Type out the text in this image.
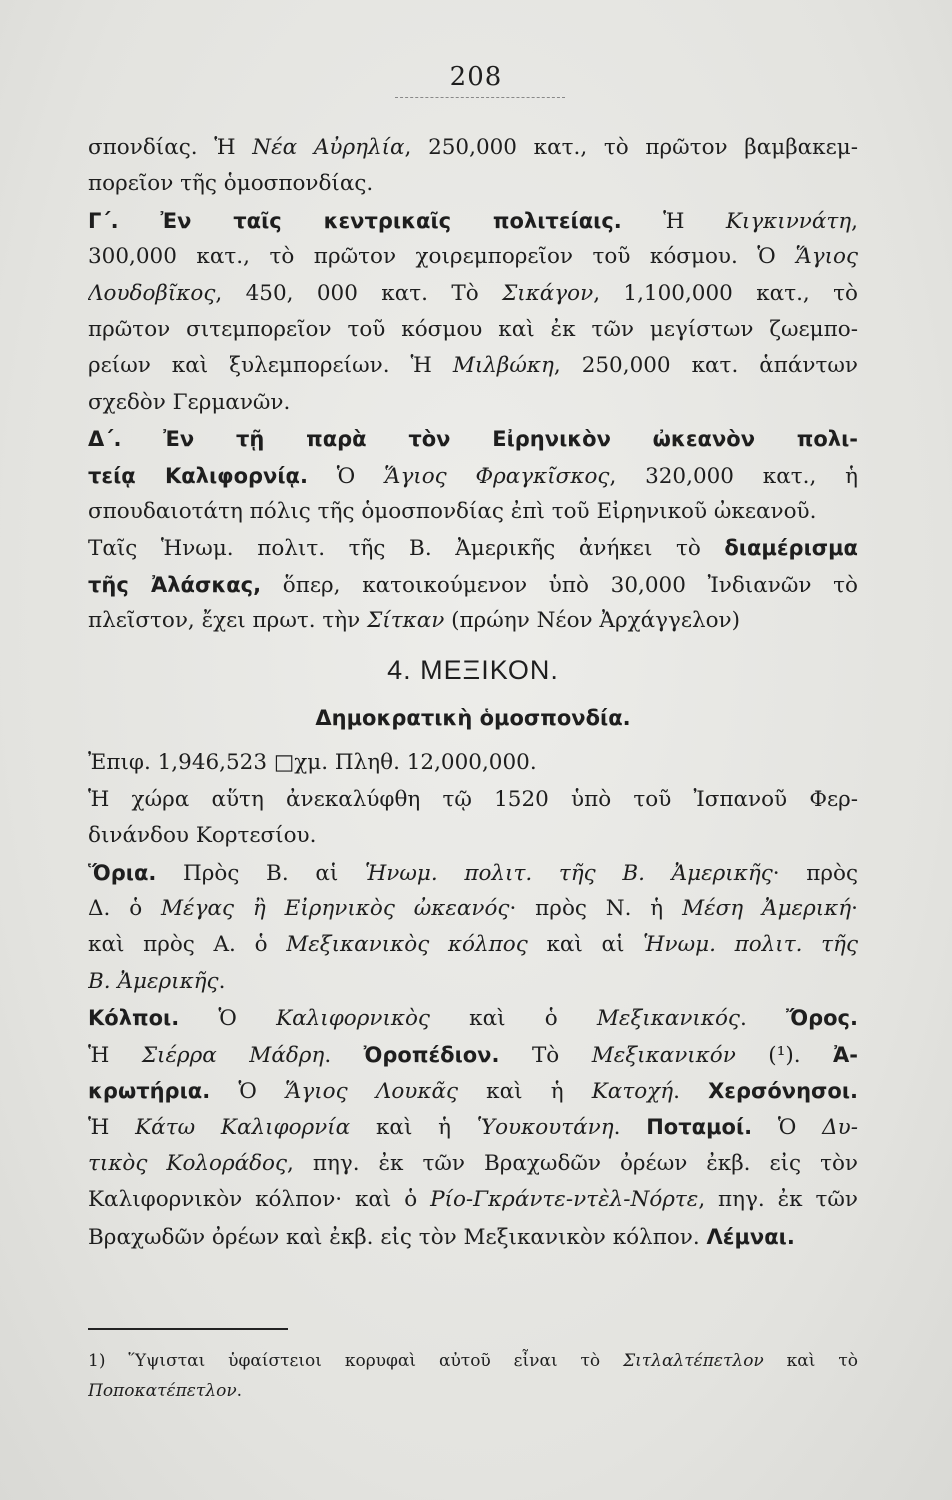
208
σπονδίας. Ἡ Νέα Αὐρηλία, 250,000 κατ., τὸ πρῶτον βαμβακεμ-
πορεῖον τῆς ὁμοσπονδίας.
Γ΄. Ἐν ταῖς κεντρικαῖς πολιτείαις. Ἡ Κιγκιννάτη,
300,000 κατ., τὸ πρῶτον χοιρεμπορεῖον τοῦ κόσμου. Ὁ Ἅγιος
Λουδοβῖκος, 450, 000 κατ. Τὸ Σικάγον, 1,100,000 κατ., τὸ
πρῶτον σιτεμπορεῖον τοῦ κόσμου καὶ ἐκ τῶν μεγίστων ζωεμπο-
ρείων καὶ ξυλεμπορείων. Ἡ Μιλβώκη, 250,000 κατ. ἁπάντων
σχεδὸν Γερμανῶν.
Δ΄. Ἐν τῇ παρὰ τὸν Εἰρηνικὸν ὠκεανὸν πολι-
τείᾳ Καλιφορνίᾳ. Ὁ Ἅγιος Φραγκῖσκος, 320,000 κατ., ἡ
σπουδαιοτάτη πόλις τῆς ὁμοσπονδίας ἐπὶ τοῦ Εἰρηνικοῦ ὠκεανοῦ.
Ταῖς Ἡνωμ. πολιτ. τῆς Β. Ἀμερικῆς ἀνήκει τὸ διαμέρισμα
τῆς Ἀλάσκας, ὅπερ, κατοικούμενον ὑπὸ 30,000 Ἰνδιανῶν τὸ
πλεῖστον, ἔχει πρωτ. τὴν Σίτκαν (πρώην Νέον Ἀρχάγγελον)
4. ΜΕΞΙΚΟΝ.
Δημοκρατικὴ ὁμοσπονδία.
Ἐπιφ. 1,946,523 □χμ. Πληθ. 12,000,000.
Ἡ χώρα αὕτη ἀνεκαλύφθη τῷ 1520 ὑπὸ τοῦ Ἰσπανοῦ Φερ-
δινάνδου Κορτεσίου.
Ὅρια. Πρὸς Β. αἱ Ἡνωμ. πολιτ. τῆς Β. Ἀμερικῆς· πρὸς
Δ. ὁ Μέγας ἢ Εἰρηνικὸς ὠκεανός· πρὸς Ν. ἡ Μέση Ἀμερική·
καὶ πρὸς Α. ὁ Μεξικανικὸς κόλπος καὶ αἱ Ἡνωμ. πολιτ. τῆς
Β. Ἀμερικῆς.
Κόλποι. Ὁ Καλιφορνικὸς καὶ ὁ Μεξικανικός. Ὄρος.
Ἡ Σιέρρα Μάδρη. Ὀροπέδιον. Τὸ Μεξικανικόν (¹). Ἀ-
κρωτήρια. Ὁ Ἅγιος Λουκᾶς καὶ ἡ Κατοχή. Χερσόνησοι.
Ἡ Κάτω Καλιφορνία καὶ ἡ Ὑουκουτάνη. Ποταμοί. Ὁ Δυ-
τικὸς Κολοράδος, πηγ. ἐκ τῶν Βραχωδῶν ὀρέων ἐκβ. εἰς τὸν
Καλιφορνικὸν κόλπον· καὶ ὁ Ρίο-Γκράντε-ντὲλ-Νόρτε, πηγ. ἐκ τῶν
Βραχωδῶν ὀρέων καὶ ἐκβ. εἰς τὸν Μεξικανικὸν κόλπον. Λέμναι.
1) Ὕψισται ὑφαίστειοι κορυφαὶ αὐτοῦ εἶναι τὸ Σιτλαλτέπετλον καὶ τὸ
Ποποκατέπετλον.
